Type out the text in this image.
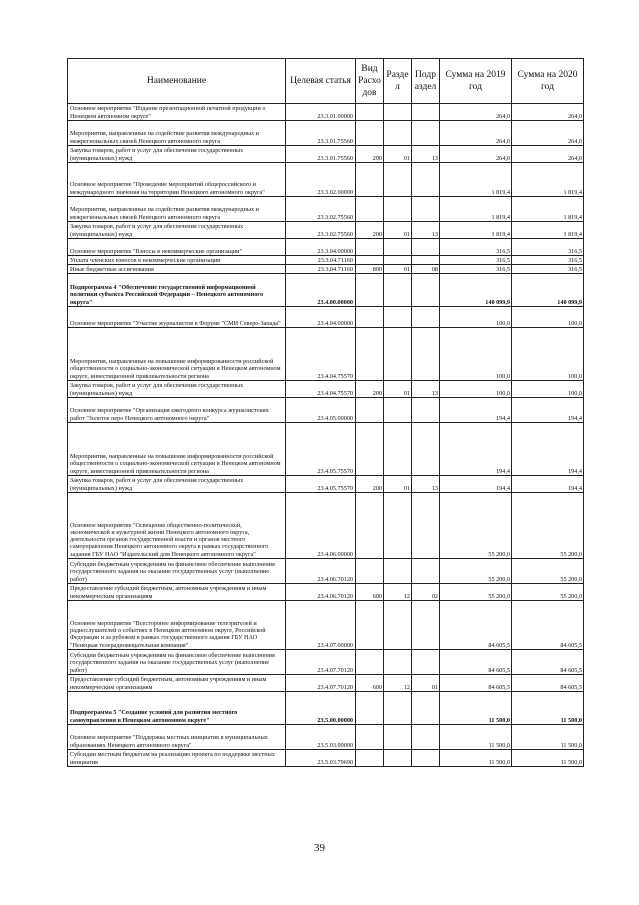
Наименование	Целевая статья	Вид Расхо дов	Разде л	Подр аздел	Сумма на 2019 год	Сумма на 2020 год
Основное мероприятие "Издание презентационной печатной продукции о Ненецком автономном округе"	23.3.01.00000				264,0	264,0
Мероприятия, направленные на содействие развития международных и межрегиональных связей Ненецкого автономного округа	23.3.01.75560				264,0	264,0
Закупка товаров, работ и услуг для обеспечения государственных (муниципальных) нужд	23.3.01.75560	200	01	13	264,0	264,0
Основное мероприятие "Проведение мероприятий общероссийского и международного значения на территории Ненецкого автономного округа"	23.3.02.00000				1 819,4	1 819,4
Мероприятия, направленные на содействие развития международных и межрегиональных связей Ненецкого автономного округа	23.3.02.75560				1 819,4	1 819,4
Закупка товаров, работ и услуг для обеспечения государственных (муниципальных) нужд	23.3.02.75560	200	01	13	1 819,4	1 819,4
Основное мероприятие "Взносы в некоммерческие организации"	23.3.04.00000				316,5	316,5
Уплата членских взносов в некоммерческие организации	23.3.04.71160				316,5	316,5
Иные бюджетные ассигнования	23.3.04.71160	800	01	08	316,5	316,5
Подпрограмма 4 "Обеспечение государственной информационной политики субъекта Российской Федерации – Ненецкого автономного округа"	23.4.00.00000				140 099,9	140 099,9
Основное мероприятие "Участие журналистов в Форуме "СМИ Северо-Запада"	23.4.04.00000				100,0	100,0
Мероприятия, направленные на повышение информированности российской общественности о социально-экономической ситуации в Ненецком автономном округе, инвестиционной привлекательности региона	23.4.04.75570				100,0	100,0
Закупка товаров, работ и услуг для обеспечения государственных (муниципальных) нужд	23.4.04.75570	200	01	13	100,0	100,0
Основное мероприятие "Организация ежегодного конкурса журналистских работ "Золотое перо Ненецкого автономного округа"	23.4.05.00000				194,4	194,4
Мероприятия, направленные на повышение информированности российской общественности о социально-экономической ситуации в Ненецком автономном округе, инвестиционной привлекательности региона	23.4.05.75570				194,4	194,4
Закупка товаров, работ и услуг для обеспечения государственных (муниципальных) нужд	23.4.05.75570	200	01	13	194,4	194,4
Основное мероприятие "Освещение общественно-политической, экономической и культурной жизни Ненецкого автономного округа, деятельности органов государственной власти и органов местного самоуправления Ненецкого автономного округа в рамках государственного задания ГБУ НАО "Издательский дом Ненецкого автономного округа"	23.4.06.00000				55 200,0	55 200,0
Субсидии бюджетным учреждениям на финансовое обеспечение выполнения государственного задания на оказание государственных услуг (выполнение работ)	23.4.06.70120				55 200,0	55 200,0
Предоставление субсидий бюджетным, автономным учреждениям и иным некоммерческим организациям	23.4.06.70120	600	12	02	55 200,0	55 200,0
Основное мероприятие "Всесторонее информирование телезрителей и радиослушателей о событиях в Ненецком автономном округе, Российской Федерации и за рубежом в рамках государственного задания ГБУ НАО "Ненецкая телерадиовещательная компания"	23.4.07.00000				84 605,5	84 605,5
Субсидии бюджетным учреждениям на финансовое обеспечение выполнения государственного задания на оказание государственных услуг (выполнение работ)	23.4.07.70120				84 605,5	84 605,5
Предоставление субсидий бюджетным, автономным учреждениям и иным некоммерческим организациям	23.4.07.70120	600	12	01	84 605,5	84 605,5
Подпрограмма 5 "Создание условий для развития местного самоуправления в Ненецком автономном округе"	23.5.00.00000				11 500,0	11 500,0
Основное мероприятие "Поддержка местных инициатив в муниципальных образованиях Ненецкого автономного округа"	23.5.03.00000				11 500,0	11 500,0
Субсидии местным бюджетам на реализацию проекта по поддержке местных инициатив	23.5.03.79690				11 500,0	11 500,0
39
